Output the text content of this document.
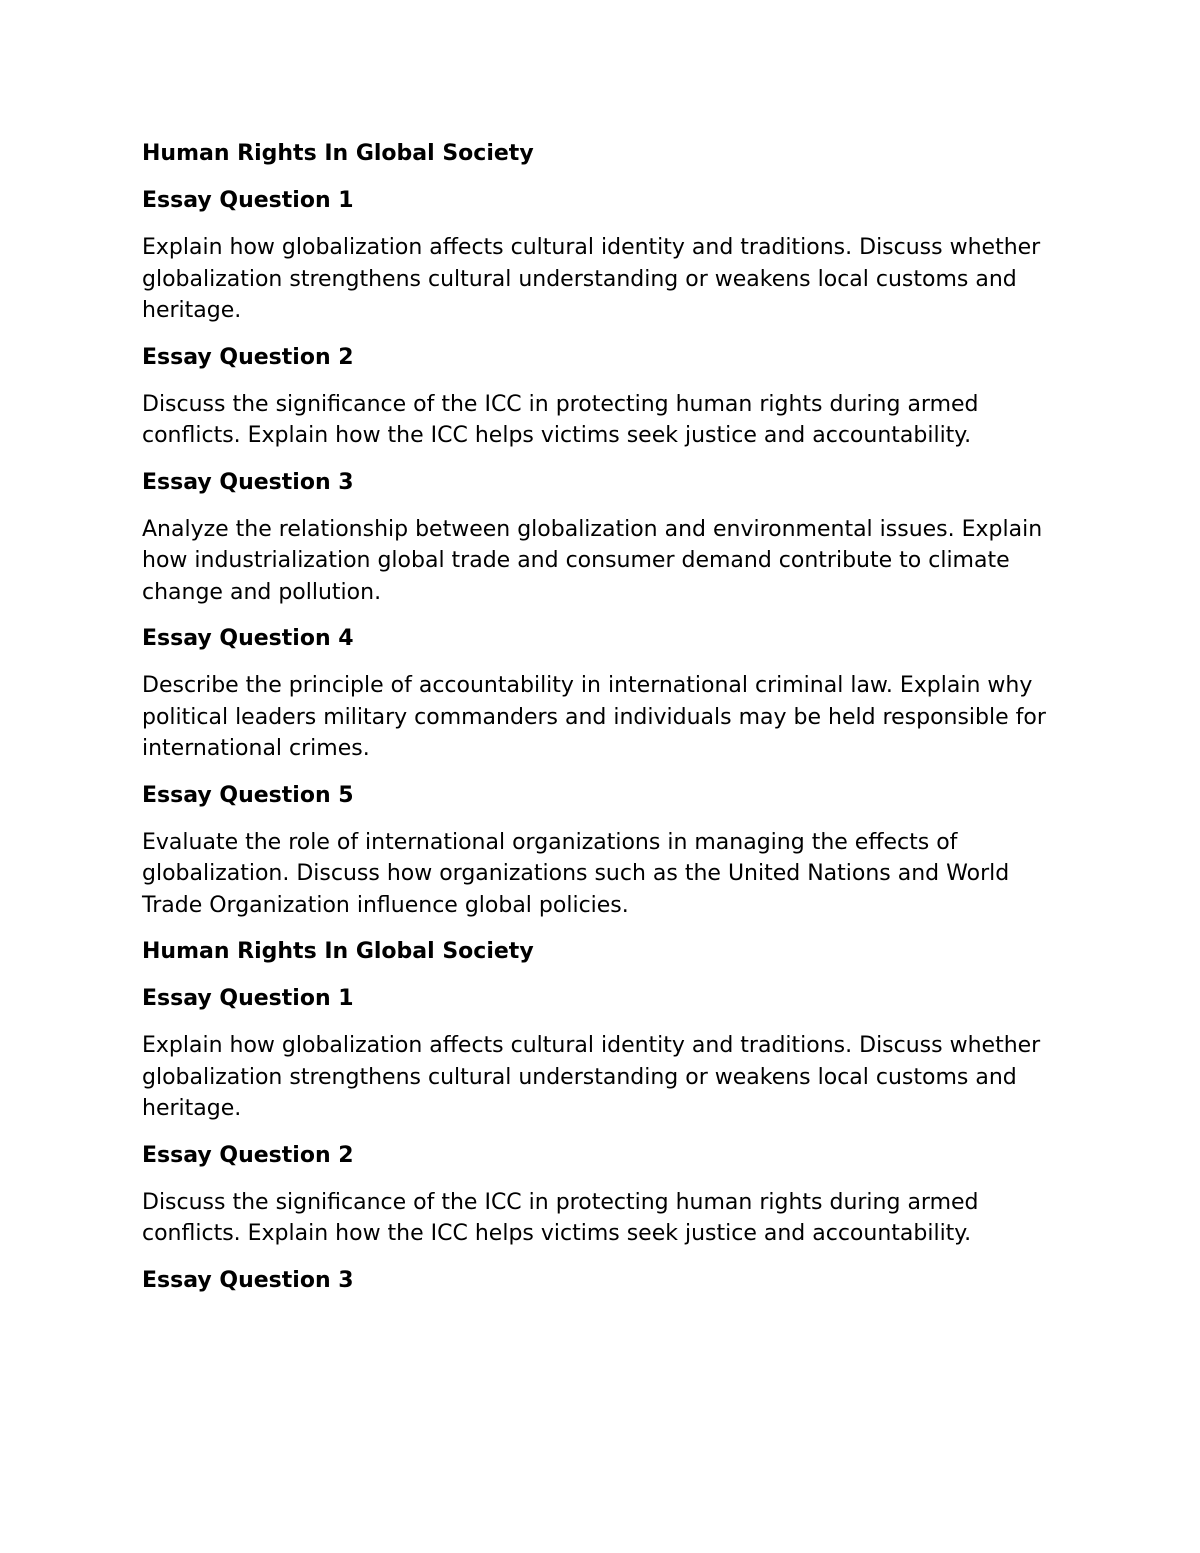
Human Rights In Global Society
Essay Question 1

Explain how globalization affects cultural identity and traditions. Discuss whether globalization strengthens cultural understanding or weakens local customs and heritage.

Essay Question 2

Discuss the significance of the ICC in protecting human rights during armed conflicts. Explain how the ICC helps victims seek justice and accountability.

Essay Question 3

Analyze the relationship between globalization and environmental issues. Explain how industrialization global trade and consumer demand contribute to climate change and pollution.

Essay Question 4

Describe the principle of accountability in international criminal law. Explain why political leaders military commanders and individuals may be held responsible for international crimes.

Essay Question 5

Evaluate the role of international organizations in managing the effects of globalization. Discuss how organizations such as the United Nations and World Trade Organization influence global policies.

Human Rights In Global Society
Essay Question 1

Explain how globalization affects cultural identity and traditions. Discuss whether globalization strengthens cultural understanding or weakens local customs and heritage.

Essay Question 2

Discuss the significance of the ICC in protecting human rights during armed conflicts. Explain how the ICC helps victims seek justice and accountability.

Essay Question 3
